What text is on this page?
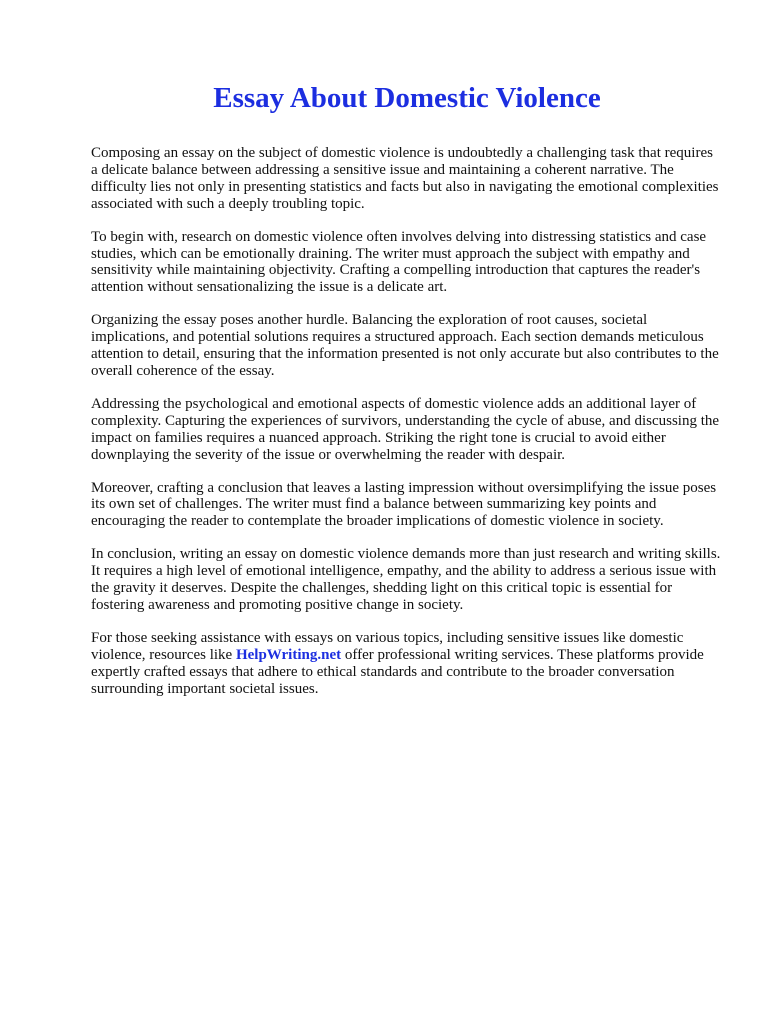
Essay About Domestic Violence

Composing an essay on the subject of domestic violence is undoubtedly a challenging task that requires a delicate balance between addressing a sensitive issue and maintaining a coherent narrative. The difficulty lies not only in presenting statistics and facts but also in navigating the emotional complexities associated with such a deeply troubling topic.

To begin with, research on domestic violence often involves delving into distressing statistics and case studies, which can be emotionally draining. The writer must approach the subject with empathy and sensitivity while maintaining objectivity. Crafting a compelling introduction that captures the reader's attention without sensationalizing the issue is a delicate art.

Organizing the essay poses another hurdle. Balancing the exploration of root causes, societal implications, and potential solutions requires a structured approach. Each section demands meticulous attention to detail, ensuring that the information presented is not only accurate but also contributes to the overall coherence of the essay.

Addressing the psychological and emotional aspects of domestic violence adds an additional layer of complexity. Capturing the experiences of survivors, understanding the cycle of abuse, and discussing the impact on families requires a nuanced approach. Striking the right tone is crucial to avoid either downplaying the severity of the issue or overwhelming the reader with despair.

Moreover, crafting a conclusion that leaves a lasting impression without oversimplifying the issue poses its own set of challenges. The writer must find a balance between summarizing key points and encouraging the reader to contemplate the broader implications of domestic violence in society.

In conclusion, writing an essay on domestic violence demands more than just research and writing skills. It requires a high level of emotional intelligence, empathy, and the ability to address a serious issue with the gravity it deserves. Despite the challenges, shedding light on this critical topic is essential for fostering awareness and promoting positive change in society.

For those seeking assistance with essays on various topics, including sensitive issues like domestic violence, resources like HelpWriting.net offer professional writing services. These platforms provide expertly crafted essays that adhere to ethical standards and contribute to the broader conversation surrounding important societal issues.
